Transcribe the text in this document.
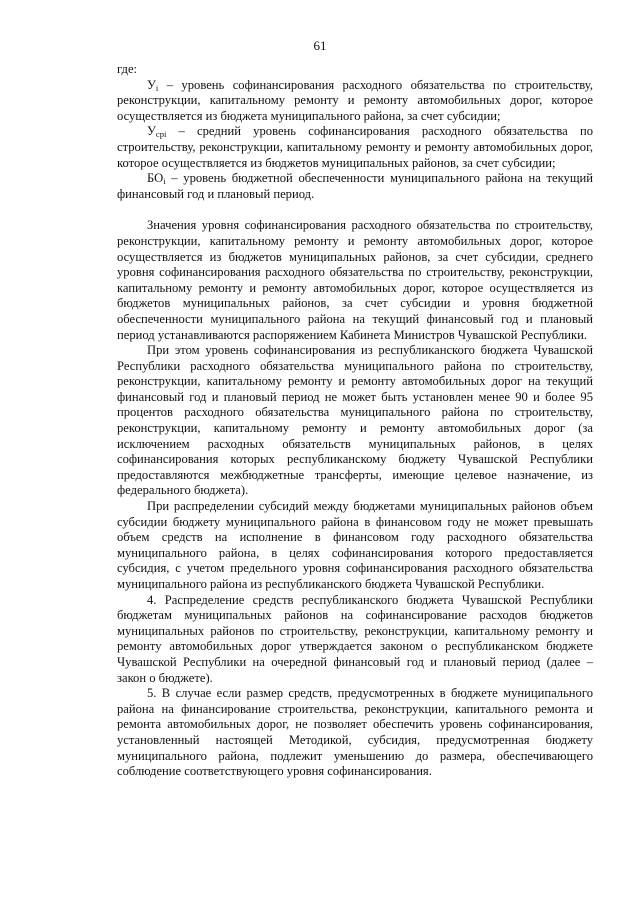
61

где:

$У_i$ – уровень софинансирования расходного обязательства по строительству, реконструкции, капитальному ремонту и ремонту автомобильных дорог, которое осуществляется из бюджета муниципального района, за счет субсидии;

$У_{срi}$ – средний уровень софинансирования расходного обязательства по строительству, реконструкции, капитальному ремонту и ремонту автомобильных дорог, которое осуществляется из бюджетов муниципальных районов, за счет субсидии;

$БО_i$ – уровень бюджетной обеспеченности муниципального района на текущий финансовый год и плановый период.

Значения уровня софинансирования расходного обязательства по строительству, реконструкции, капитальному ремонту и ремонту автомобильных дорог, которое осуществляется из бюджетов муниципальных районов, за счет субсидии, среднего уровня софинансирования расходного обязательства по строительству, реконструкции, капитальному ремонту и ремонту автомобильных дорог, которое осуществляется из бюджетов муниципальных районов, за счет субсидии и уровня бюджетной обеспеченности муниципального района на текущий финансовый год и плановый период устанавливаются распоряжением Кабинета Министров Чувашской Республики.

При этом уровень софинансирования из республиканского бюджета Чувашской Республики расходного обязательства муниципального района по строительству, реконструкции, капитальному ремонту и ремонту автомобильных дорог на текущий финансовый год и плановый период не может быть установлен менее 90 и более 95 процентов расходного обязательства муниципального района по строительству, реконструкции, капитальному ремонту и ремонту автомобильных дорог (за исключением расходных обязательств муниципальных районов, в целях софинансирования которых республиканскому бюджету Чувашской Республики предоставляются межбюджетные трансферты, имеющие целевое назначение, из федерального бюджета).

При распределении субсидий между бюджетами муниципальных районов объем субсидии бюджету муниципального района в финансовом году не может превышать объем средств на исполнение в финансовом году расходного обязательства муниципального района, в целях софинансирования которого предоставляется субсидия, с учетом предельного уровня софинансирования расходного обязательства муниципального района из республиканского бюджета Чувашской Республики.

4. Распределение средств республиканского бюджета Чувашской Республики бюджетам муниципальных районов на софинансирование расходов бюджетов муниципальных районов по строительству, реконструкции, капитальному ремонту и ремонту автомобильных дорог утверждается законом о республиканском бюджете Чувашской Республики на очередной финансовый год и плановый период (далее – закон о бюджете).

5. В случае если размер средств, предусмотренных в бюджете муниципального района на финансирование строительства, реконструкции, капитального ремонта и ремонта автомобильных дорог, не позволяет обеспечить уровень софинансирования, установленный настоящей Методикой, субсидия, предусмотренная бюджету муниципального района, подлежит уменьшению до размера, обеспечивающего соблюдение соответствующего уровня софинансирования.
